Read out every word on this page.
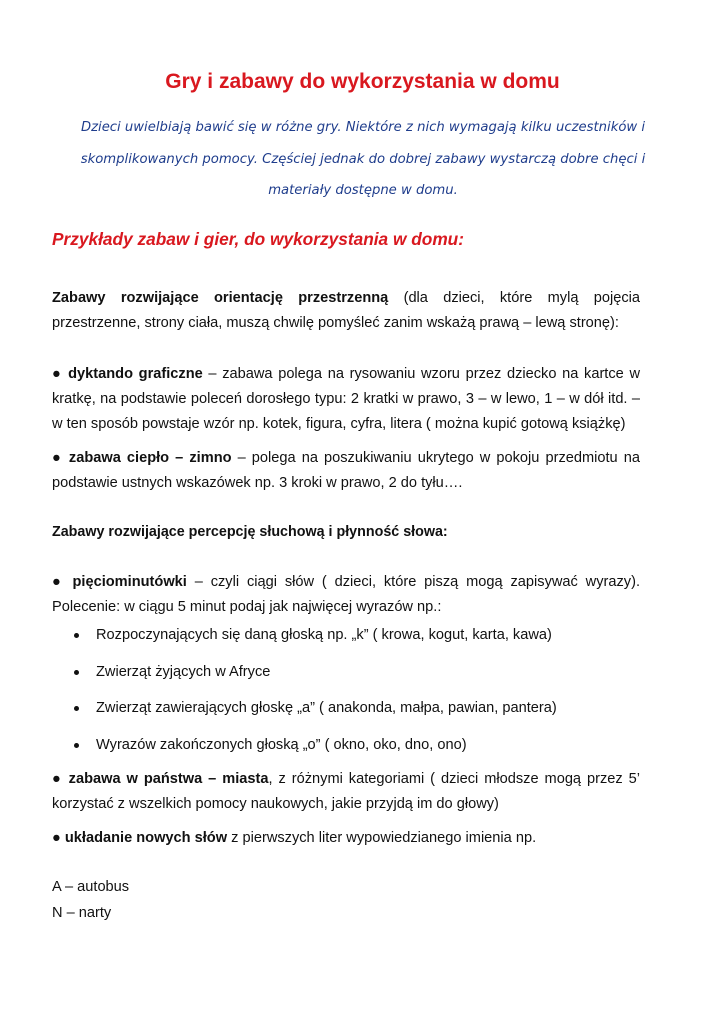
Gry i zabawy do wykorzystania w domu
Dzieci uwielbiają bawić się w różne gry. Niektóre z nich wymagają kilku uczestników i
skomplikowanych pomocy. Częściej jednak do dobrej zabawy wystarczą dobre chęci i
materiały dostępne w domu.
Przykłady zabaw i gier, do wykorzystania w domu:
Zabawy rozwijające orientację przestrzenną (dla dzieci, które mylą pojęcia przestrzenne, strony ciała, muszą chwilę pomyśleć zanim wskażą prawą – lewą stronę):
● dyktando graficzne – zabawa polega na rysowaniu wzoru przez dziecko na kartce w kratkę, na podstawie poleceń dorosłego typu: 2 kratki w prawo, 3 – w lewo, 1 – w dół itd. – w ten sposób powstaje wzór np. kotek, figura, cyfra, litera ( można kupić gotową książkę)
● zabawa ciepło – zimno – polega na poszukiwaniu ukrytego w pokoju przedmiotu na podstawie ustnych wskazówek np. 3 kroki w prawo, 2 do tyłu….
Zabawy rozwijające percepcję słuchową i płynność słowa:
● pięciominutówki – czyli ciągi słów ( dzieci, które piszą mogą zapisywać wyrazy). Polecenie: w ciągu 5 minut podaj jak najwięcej wyrazów np.:
Rozpoczynających się daną głoską np. „k” ( krowa, kogut, karta, kawa)
Zwierząt żyjących w Afryce
Zwierząt zawierających głoskę „a” ( anakonda, małpa, pawian, pantera)
Wyrazów zakończonych głoską „o” ( okno, oko, dno, ono)
● zabawa w państwa – miasta, z różnymi kategoriami ( dzieci młodsze mogą przez 5’ korzystać z wszelkich pomocy naukowych, jakie przyjdą im do głowy)
● układanie nowych słów z pierwszych liter wypowiedzianego imienia np.
A – autobus
N – narty
